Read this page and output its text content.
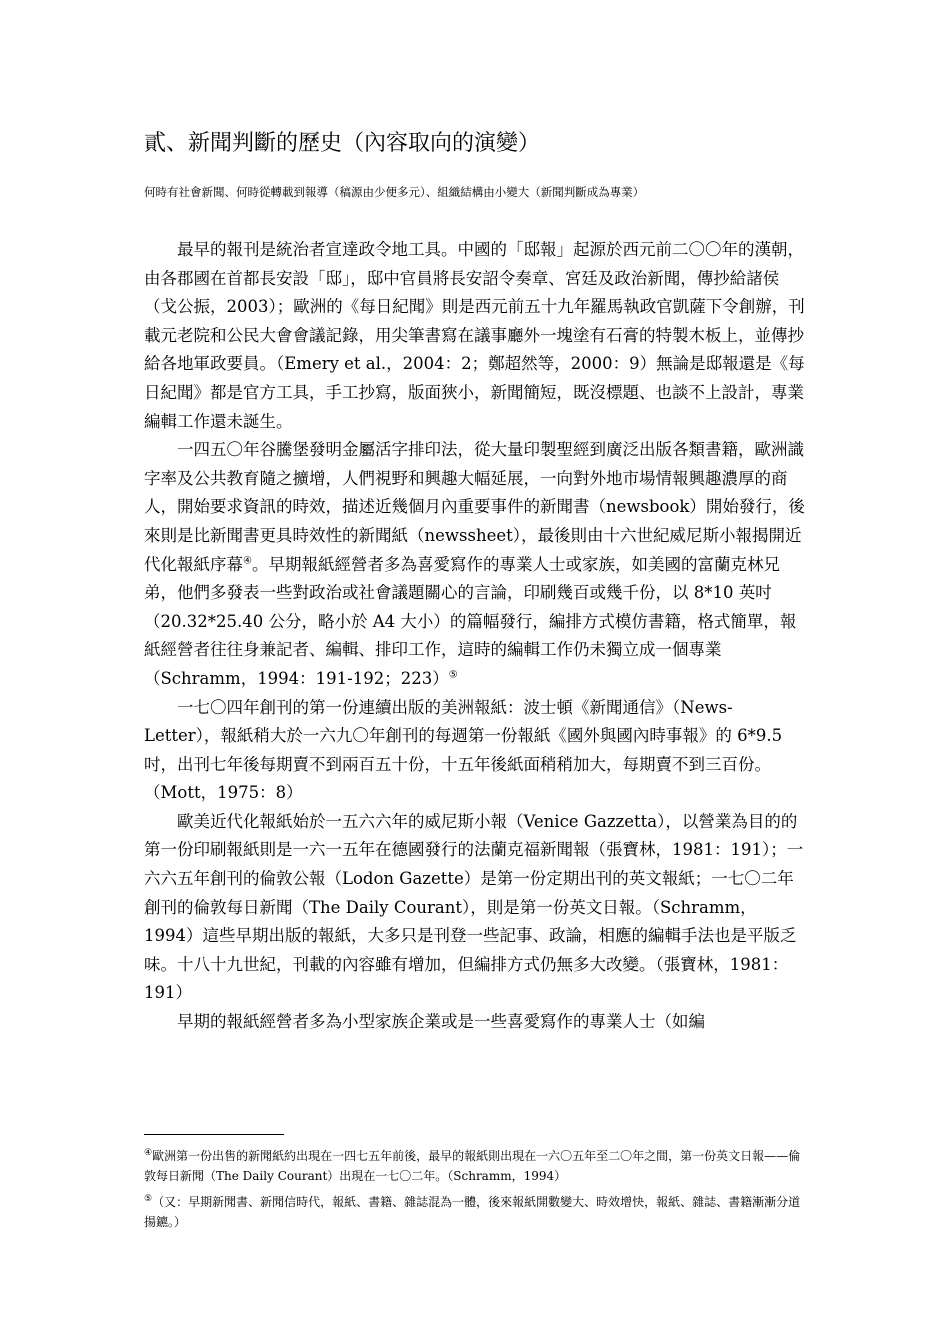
貳、新聞判斷的歷史（內容取向的演變）
何時有社會新聞、何時從轉載到報導（稿源由少便多元）、組織結構由小變大（新聞判斷成為專業）

最早的報刊是統治者宣達政令地工具。中國的「邸報」起源於西元前二〇〇年的漢朝，由各郡國在首都長安設「邸」，邸中官員將長安詔令奏章、宮廷及政治新聞，傳抄給諸侯（戈公振，2003）；歐洲的《每日紀聞》則是西元前五十九年羅馬執政官凱薩下令創辦，刊載元老院和公民大會會議記錄，用尖筆書寫在議事廳外一塊塗有石膏的特製木板上，並傳抄給各地軍政要員。（Emery et al.，2004：2；鄭超然等，2000：9）無論是邸報還是《每日紀聞》都是官方工具，手工抄寫，版面狹小，新聞簡短，既沒標題、也談不上設計，專業編輯工作還未誕生。

一四五〇年谷騰堡發明金屬活字排印法，從大量印製聖經到廣泛出版各類書籍，歐洲識字率及公共教育隨之擴增，人們視野和興趣大幅延展，一向對外地市場情報興趣濃厚的商人，開始要求資訊的時效，描述近幾個月內重要事件的新聞書（newsbook）開始發行，後來則是比新聞書更具時效性的新聞紙（newssheet），最後則由十六世紀威尼斯小報揭開近代化報紙序幕④。早期報紙經營者多為喜愛寫作的專業人士或家族，如美國的富蘭克林兄弟，他們多發表一些對政治或社會議題關心的言論，印刷幾百或幾千份，以 8*10 英吋（20.32*25.40 公分，略小於 A4 大小）的篇幅發行，編排方式模仿書籍，格式簡單，報紙經營者往往身兼記者、編輯、排印工作，這時的編輯工作仍未獨立成一個專業（Schramm，1994：191-192；223）⑤

一七〇四年創刊的第一份連續出版的美洲報紙：波士頓《新聞通信》（News-Letter），報紙稍大於一六九〇年創刊的每週第一份報紙《國外與國內時事報》的 6*9.5 吋，出刊七年後每期賣不到兩百五十份，十五年後紙面稍稍加大，每期賣不到三百份。（Mott，1975：8）

歐美近代化報紙始於一五六六年的威尼斯小報（Venice Gazzetta），以營業為目的的第一份印刷報紙則是一六一五年在德國發行的法蘭克福新聞報（張寶林，1981：191）；一六六五年創刊的倫敦公報（Lodon Gazette）是第一份定期出刊的英文報紙；一七〇二年創刊的倫敦每日新聞（The Daily Courant），則是第一份英文日報。（Schramm，1994）這些早期出版的報紙，大多只是刊登一些記事、政論，相應的編輯手法也是平版乏味。十八十九世紀，刊載的內容雖有增加，但編排方式仍無多大改變。（張寶林，1981：191）

早期的報紙經營者多為小型家族企業或是一些喜愛寫作的專業人士（如編

④歐洲第一份出售的新聞紙約出現在一四七五年前後，最早的報紙則出現在一六〇五年至二〇年之間，第一份英文日報——倫敦每日新聞（The Daily Courant）出現在一七〇二年。（Schramm，1994）

⑤（又：早期新聞書、新聞信時代，報紙、書籍、雜誌混為一體，後來報紙開數變大、時效增快，報紙、雜誌、書籍漸漸分道揚鑣。）
